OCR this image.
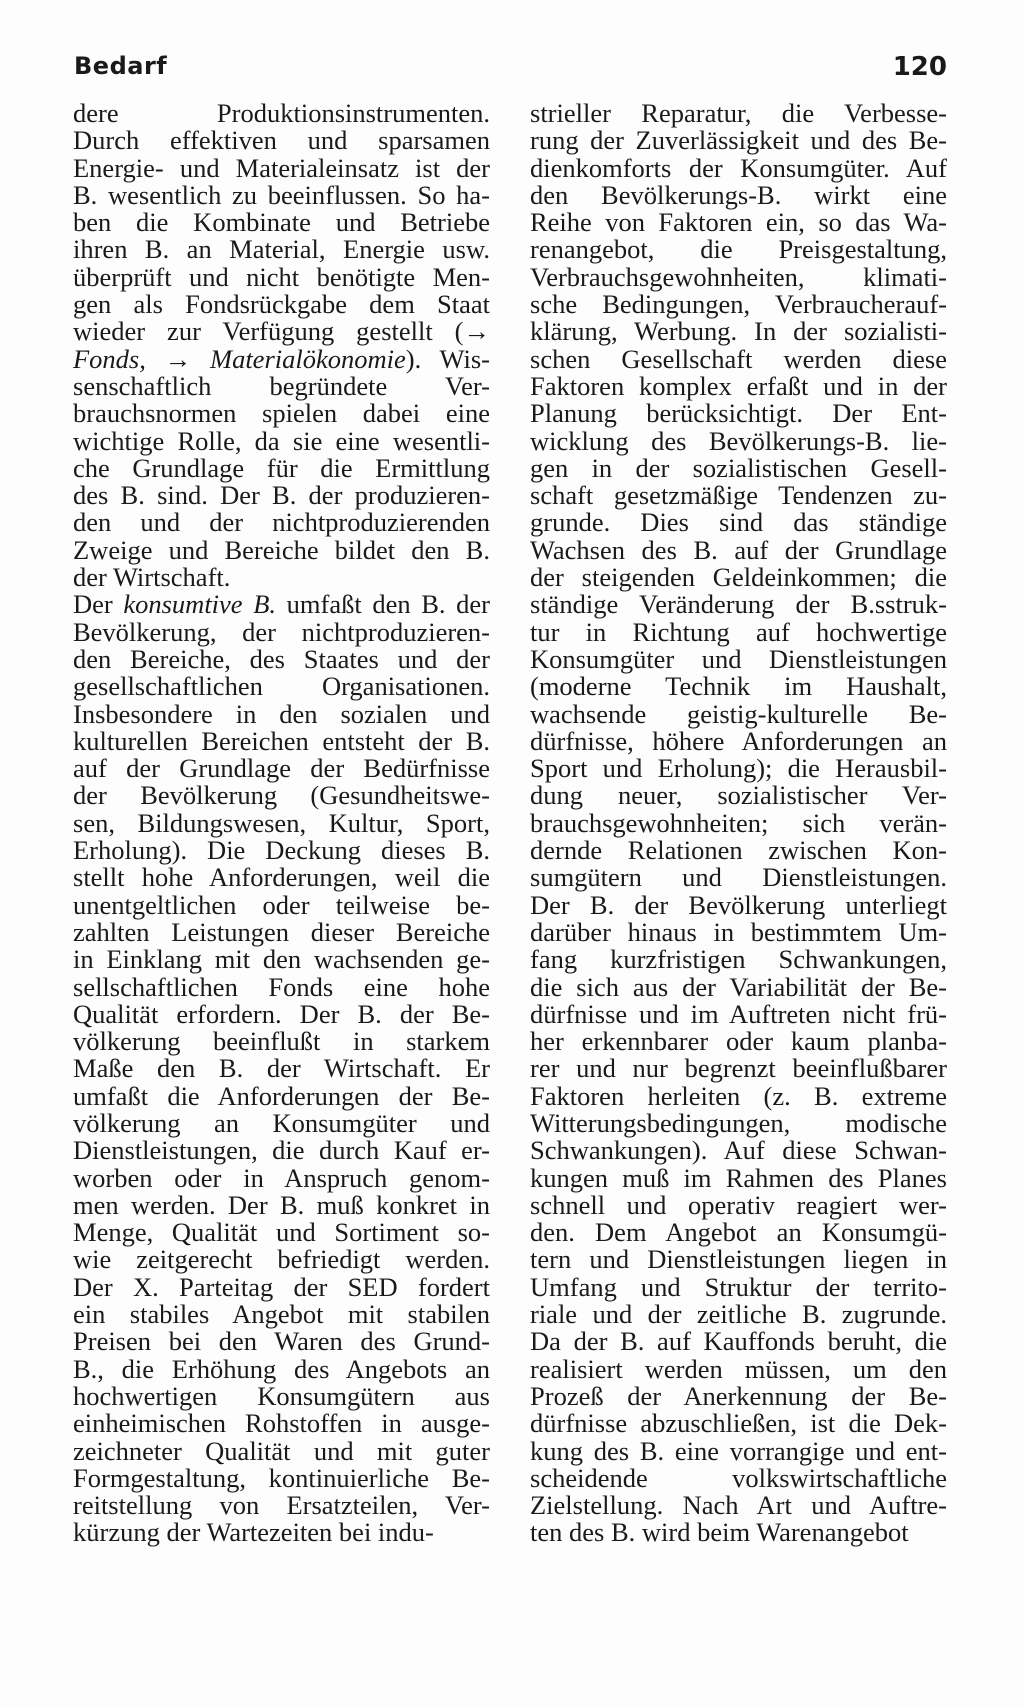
Bedarf	120
dere Produktionsinstrumenten.
Durch effektiven und sparsamen
Energie- und Materialeinsatz ist der
B. wesentlich zu beeinflussen. So ha-
ben die Kombinate und Betriebe
ihren B. an Material, Energie usw.
überprüft und nicht benötigte Men-
gen als Fondsrückgabe dem Staat
wieder zur Verfügung gestellt (→
Fonds, → Materialökonomie). Wis-
senschaftlich begründete Ver-
brauchsnormen spielen dabei eine
wichtige Rolle, da sie eine wesentli-
che Grundlage für die Ermittlung
des B. sind. Der B. der produzieren-
den und der nichtproduzierenden
Zweige und Bereiche bildet den B.
der Wirtschaft.
Der konsumtive B. umfaßt den B. der
Bevölkerung, der nichtproduzieren-
den Bereiche, des Staates und der
gesellschaftlichen Organisationen.
Insbesondere in den sozialen und
kulturellen Bereichen entsteht der B.
auf der Grundlage der Bedürfnisse
der Bevölkerung (Gesundheitswe-
sen, Bildungswesen, Kultur, Sport,
Erholung). Die Deckung dieses B.
stellt hohe Anforderungen, weil die
unentgeltlichen oder teilweise be-
zahlten Leistungen dieser Bereiche
in Einklang mit den wachsenden ge-
sellschaftlichen Fonds eine hohe
Qualität erfordern. Der B. der Be-
völkerung beeinflußt in starkem
Maße den B. der Wirtschaft. Er
umfaßt die Anforderungen der Be-
völkerung an Konsumgüter und
Dienstleistungen, die durch Kauf er-
worben oder in Anspruch genom-
men werden. Der B. muß konkret in
Menge, Qualität und Sortiment so-
wie zeitgerecht befriedigt werden.
Der X. Parteitag der SED fordert
ein stabiles Angebot mit stabilen
Preisen bei den Waren des Grund-
B., die Erhöhung des Angebots an
hochwertigen Konsumgütern aus
einheimischen Rohstoffen in ausge-
zeichneter Qualität und mit guter
Formgestaltung, kontinuierliche Be-
reitstellung von Ersatzteilen, Ver-
kürzung der Wartezeiten bei indu-
strieller Reparatur, die Verbesse-
rung der Zuverlässigkeit und des Be-
dienkomforts der Konsumgüter. Auf
den Bevölkerungs-B. wirkt eine
Reihe von Faktoren ein, so das Wa-
renangebot, die Preisgestaltung,
Verbrauchsgewohnheiten, klimati-
sche Bedingungen, Verbraucherauf-
klärung, Werbung. In der sozialisti-
schen Gesellschaft werden diese
Faktoren komplex erfaßt und in der
Planung berücksichtigt. Der Ent-
wicklung des Bevölkerungs-B. lie-
gen in der sozialistischen Gesell-
schaft gesetzmäßige Tendenzen zu-
grunde. Dies sind das ständige
Wachsen des B. auf der Grundlage
der steigenden Geldeinkommen; die
ständige Veränderung der B.sstruk-
tur in Richtung auf hochwertige
Konsumgüter und Dienstleistungen
(moderne Technik im Haushalt,
wachsende geistig-kulturelle Be-
dürfnisse, höhere Anforderungen an
Sport und Erholung); die Herausbil-
dung neuer, sozialistischer Ver-
brauchsgewohnheiten; sich verän-
dernde Relationen zwischen Kon-
sumgütern und Dienstleistungen.
Der B. der Bevölkerung unterliegt
darüber hinaus in bestimmtem Um-
fang kurzfristigen Schwankungen,
die sich aus der Variabilität der Be-
dürfnisse und im Auftreten nicht frü-
her erkennbarer oder kaum planba-
rer und nur begrenzt beeinflußbarer
Faktoren herleiten (z. B. extreme
Witterungsbedingungen, modische
Schwankungen). Auf diese Schwan-
kungen muß im Rahmen des Planes
schnell und operativ reagiert wer-
den. Dem Angebot an Konsumgü-
tern und Dienstleistungen liegen in
Umfang und Struktur der territo-
riale und der zeitliche B. zugrunde.
Da der B. auf Kauffonds beruht, die
realisiert werden müssen, um den
Prozeß der Anerkennung der Be-
dürfnisse abzuschließen, ist die Dek-
kung des B. eine vorrangige und ent-
scheidende volkswirtschaftliche
Zielstellung. Nach Art und Auftre-
ten des B. wird beim Warenangebot
